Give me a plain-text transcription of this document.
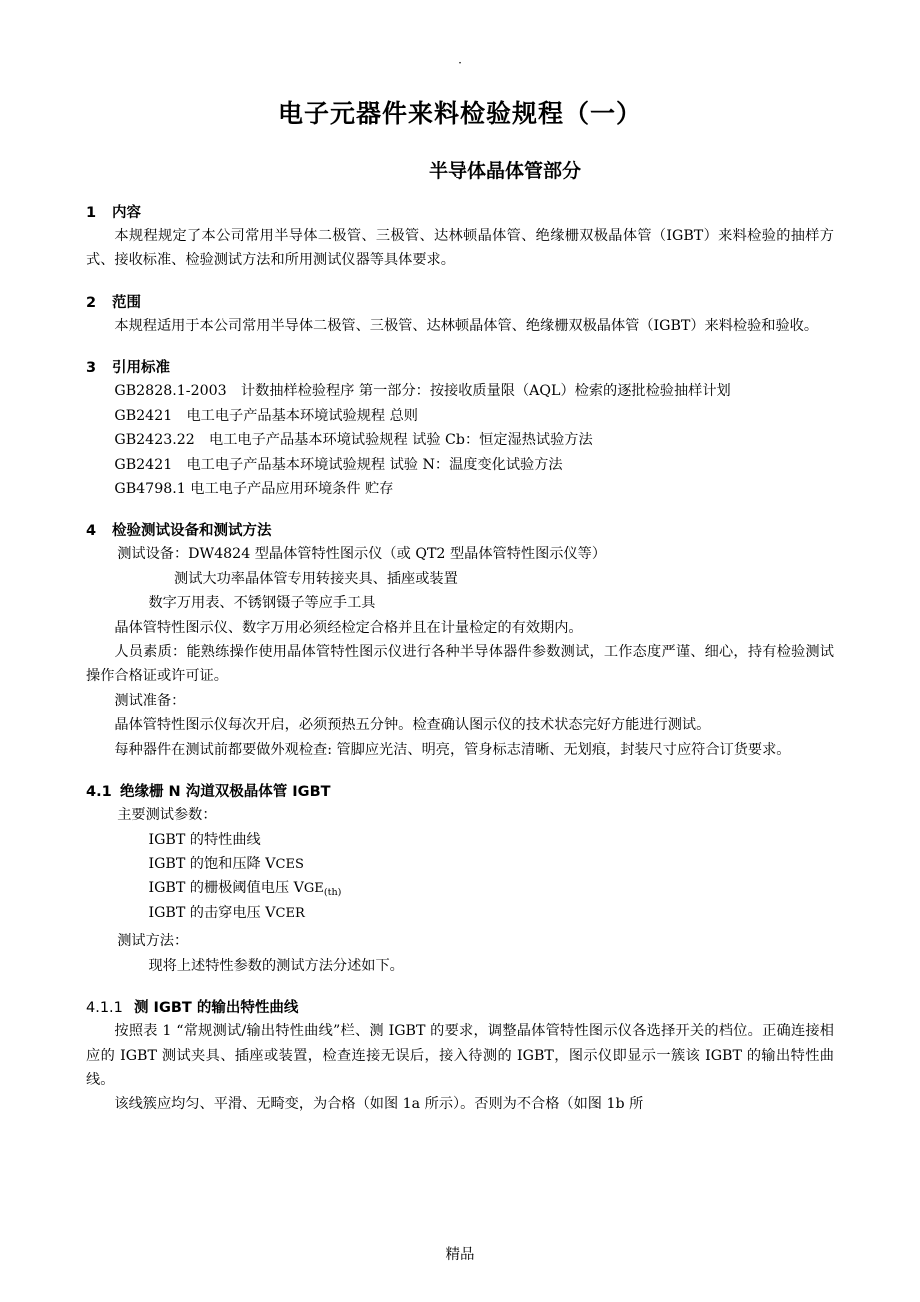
·
电子元器件来料检验规程（一）
半导体晶体管部分
1 内容

本规程规定了本公司常用半导体二极管、三极管、达林顿晶体管、绝缘栅双极晶体管（IGBT）来料检验的抽样方式、接收标准、检验测试方法和所用测试仪器等具体要求。

2 范围

本规程适用于本公司常用半导体二极管、三极管、达林顿晶体管、绝缘栅双极晶体管（IGBT）来料检验和验收。

3 引用标准

GB2828.1-2003　计数抽样检验程序 第一部分：按接收质量限（AQL）检索的逐批检验抽样计划

GB2421　电工电子产品基本环境试验规程 总则

GB2423.22　电工电子产品基本环境试验规程 试验 Cb：恒定湿热试验方法

GB2421　电工电子产品基本环境试验规程 试验 N：温度变化试验方法

GB4798.1 电工电子产品应用环境条件 贮存

4 检验测试设备和测试方法

测试设备：DW4824 型晶体管特性图示仪（或 QT2 型晶体管特性图示仪等）

测试大功率晶体管专用转接夹具、插座或装置

数字万用表、不锈钢镊子等应手工具

晶体管特性图示仪、数字万用必须经检定合格并且在计量检定的有效期内。

人员素质：能熟练操作使用晶体管特性图示仪进行各种半导体器件参数测试，工作态度严谨、细心，持有检验测试操作合格证或许可证。

测试准备：

晶体管特性图示仪每次开启，必须预热五分钟。检查确认图示仪的技术状态完好方能进行测试。

每种器件在测试前都要做外观检查: 管脚应光洁、明亮，管身标志清晰、无划痕，封装尺寸应符合订货要求。

4.1 绝缘栅 N 沟道双极晶体管 IGBT

主要测试参数：

IGBT 的特性曲线

IGBT 的饱和压降 VCES

IGBT 的栅极阈值电压 $VGE_{(th)}$

IGBT 的击穿电压 VCER

测试方法：

现将上述特性参数的测试方法分述如下。

4.1.1 测 IGBT 的输出特性曲线

按照表 1 “常规测试/输出特性曲线”栏、测 IGBT 的要求，调整晶体管特性图示仪各选择开关的档位。正确连接相应的 IGBT 测试夹具、插座或装置，检查连接无误后，接入待测的 IGBT，图示仪即显示一簇该 IGBT 的输出特性曲线。

该线簇应均匀、平滑、无畸变，为合格（如图 1a 所示）。否则为不合格（如图 1b 所

精品
